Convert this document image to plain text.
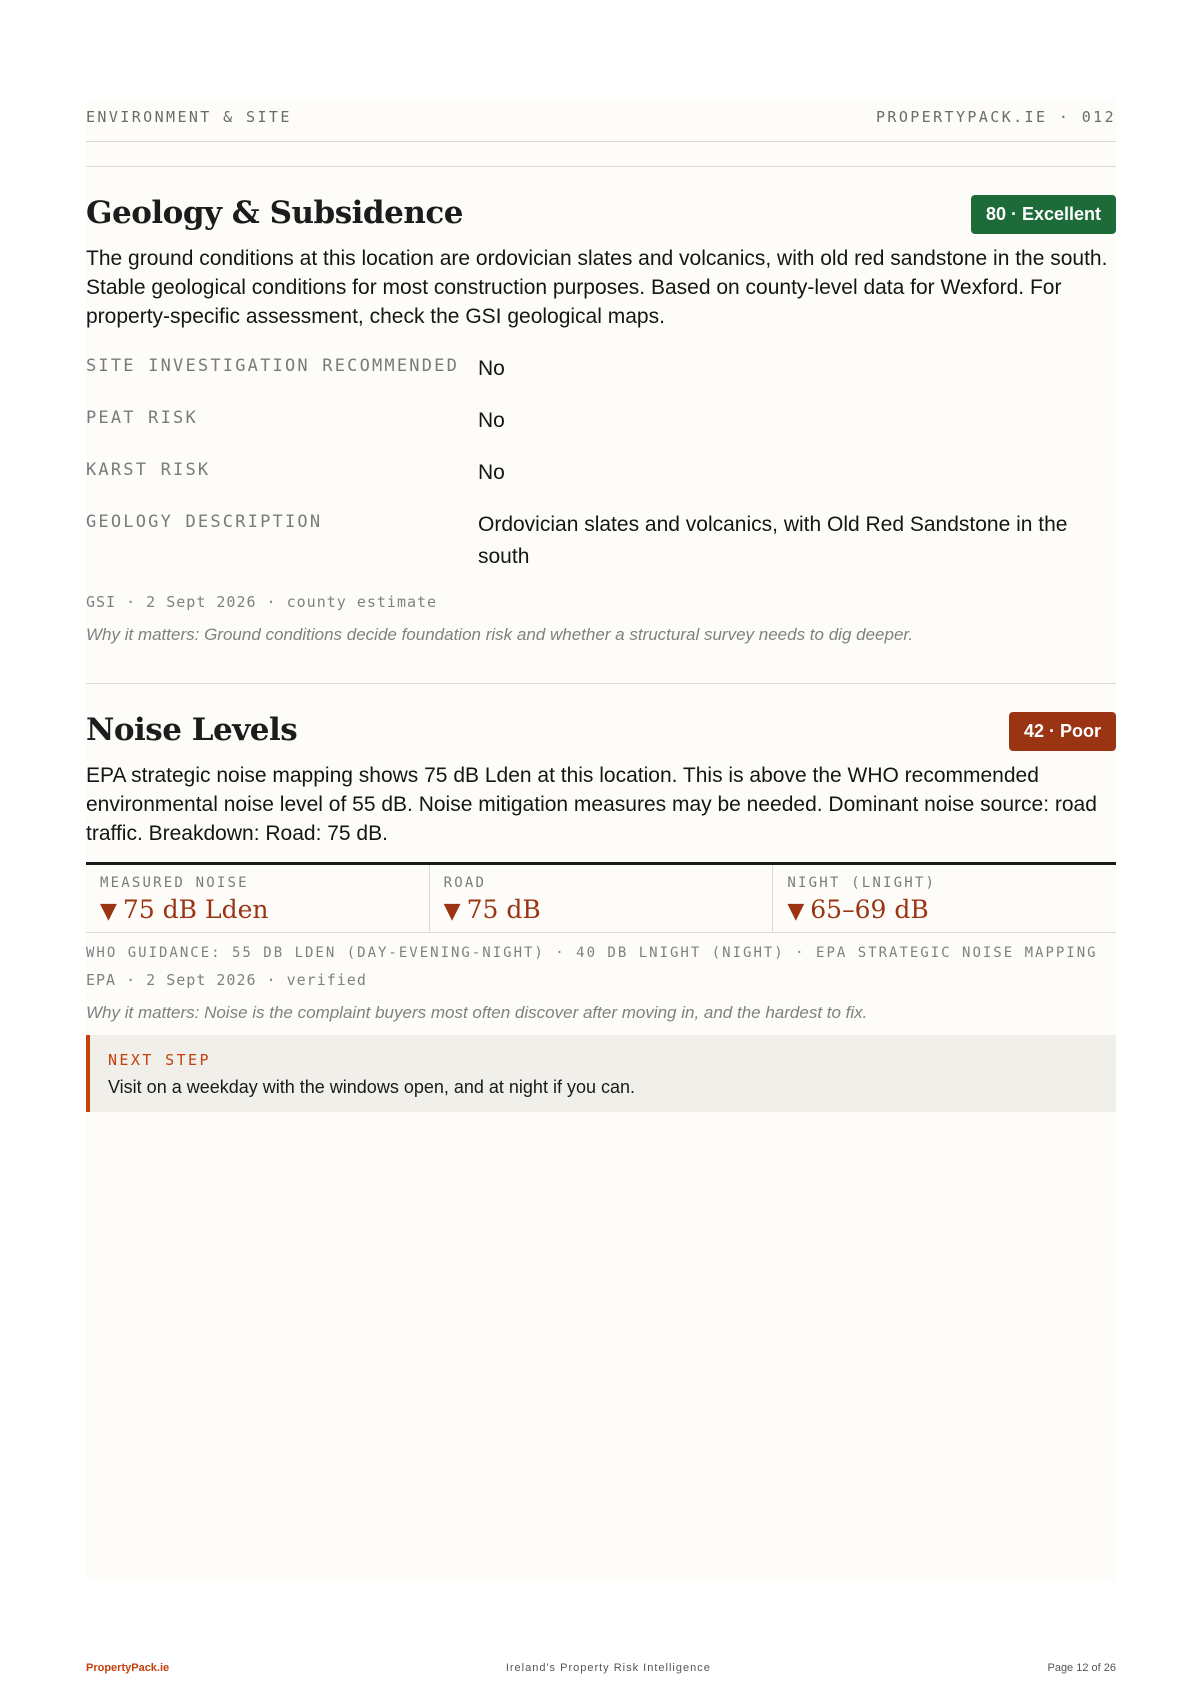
ENVIRONMENT & SITE	PROPERTYPACK.IE · 012
Geology & Subsidence	80 · Excellent

The ground conditions at this location are ordovician slates and volcanics, with old red sandstone in the south. Stable geological conditions for most construction purposes. Based on county-level data for Wexford. For property-specific assessment, check the GSI geological maps.

SITE INVESTIGATION RECOMMENDED No
PEAT RISK	No
KARST RISK	No
GEOLOGY DESCRIPTION	Ordovician slates and volcanics, with Old Red Sandstone in the south
GSI · 2 Sept 2026 · county estimate
Why it matters: Ground conditions decide foundation risk and whether a structural survey needs to dig deeper.
Noise Levels	42 · Poor

EPA strategic noise mapping shows 75 dB Lden at this location. This is above the WHO recommended environmental noise level of 55 dB. Noise mitigation measures may be needed. Dominant noise source: road traffic. Breakdown: Road: 75 dB.

MEASURED NOISE
▼ 75 dB Lden
ROAD
▼ 75 dB
NIGHT (LNIGHT)
▼ 65–69 dB
WHO GUIDANCE: 55 DB LDEN (DAY-EVENING-NIGHT) · 40 DB LNIGHT (NIGHT) · EPA STRATEGIC NOISE MAPPING
EPA · 2 Sept 2026 · verified
Why it matters: Noise is the complaint buyers most often discover after moving in, and the hardest to fix.
NEXT STEP
Visit on a weekday with the windows open, and at night if you can.
PropertyPack.ie	Ireland's Property Risk Intelligence	Page 12 of 26
